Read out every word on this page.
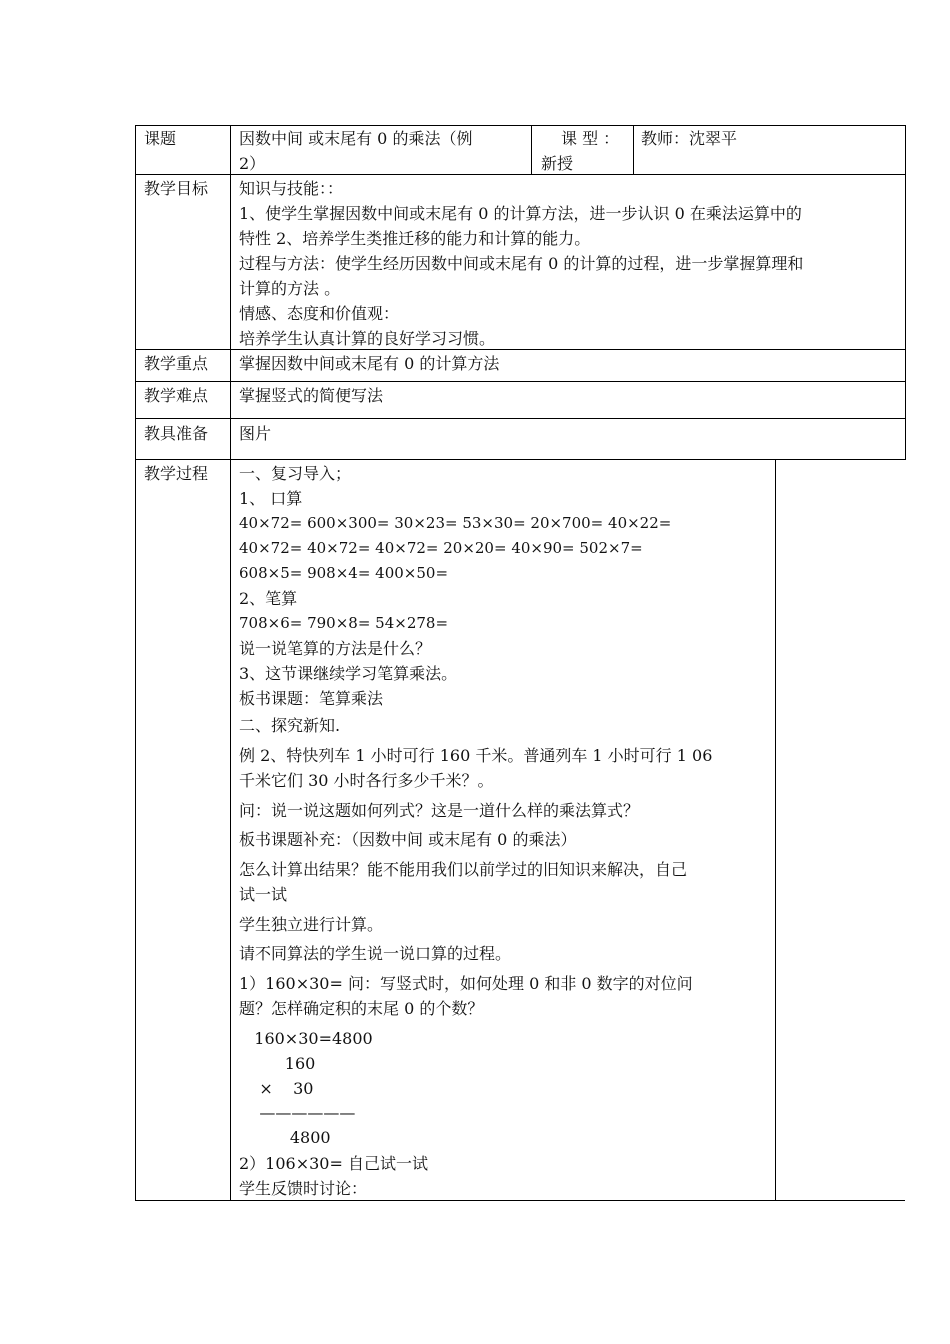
课题	因数中间 或末尾有 0 的乘法（例
2）
课 型 ：
新授
教师：沈翠平
教学目标 知识与技能：：
1、使学生掌握因数中间或末尾有 0 的计算方法，进一步认识 0 在乘法运算中的
特性 2、培养学生类推迁移的能力和计算的能力。
过程与方法：使学生经历因数中间或末尾有 0 的计算的过程，进一步掌握算理和
计算的方法 。
情感、态度和价值观：
培养学生认真计算的良好学习习惯。
教学重点 掌握因数中间或末尾有 0 的计算方法
教学难点 掌握竖式的简便写法
教具准备 图片
教学过程 一、复习导入；
1、 口算
40×72= 600×300= 30×23= 53×30= 20×700= 40×22=
40×72= 40×72= 40×72= 20×20= 40×90= 502×7=
608×5= 908×4= 400×50=
2、笔算
708×6= 790×8= 54×278=
说一说笔算的方法是什么？
3、这节课继续学习笔算乘法。
板书课题：笔算乘法
二、探究新知.
例 2、特快列车 1 小时可行 160 千米。普通列车 1 小时可行 1 06
千米它们 30 小时各行多少千米？。
问：说一说这题如何列式？这是一道什么样的乘法算式？
板书课题补充：（因数中间 或末尾有 0 的乘法）
怎么计算出结果？能不能用我们以前学过的旧知识来解决，自己
试一试
学生独立进行计算。
请不同算法的学生说一说口算的过程。
1）160×30= 问：写竖式时，如何处理 0 和非 0 数字的对位问
题？怎样确定积的末尾 0 的个数？
160×30=4800
160
×    30
——————
4800
2）106×30= 自己试一试
学生反馈时讨论：
